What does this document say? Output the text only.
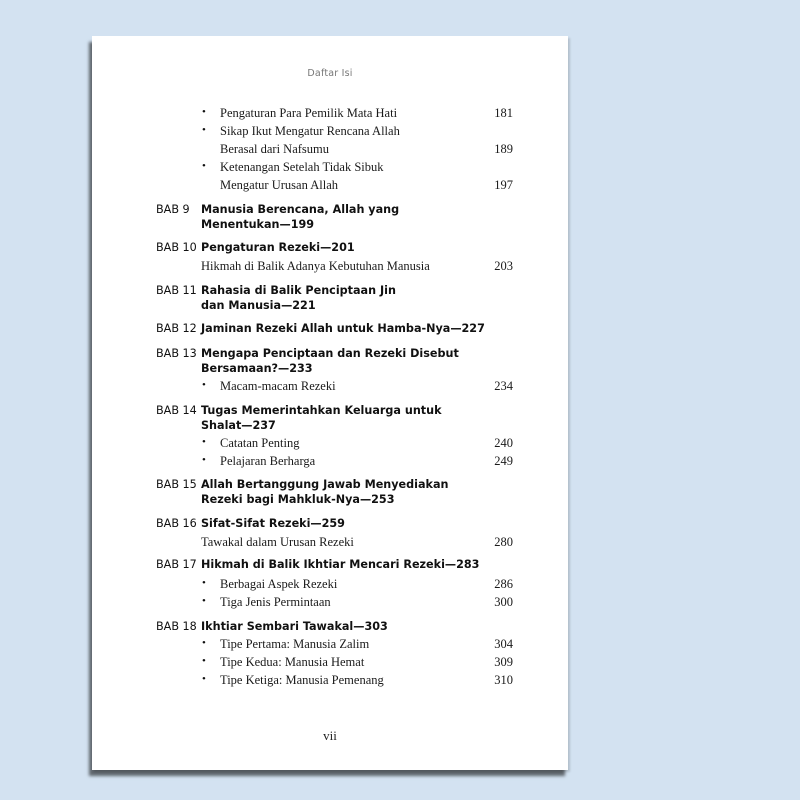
Daftar Isi
• Pengaturan Para Pemilik Mata Hati	181
• Sikap Ikut Mengatur Rencana Allah
Berasal dari Nafsumu	189
• Ketenangan Setelah Tidak Sibuk
Mengatur Urusan Allah	197
BAB 9 Manusia Berencana, Allah yang
Menentukan—199
BAB 10 Pengaturan Rezeki—201
Hikmah di Balik Adanya Kebutuhan Manusia	203
BAB 11 Rahasia di Balik Penciptaan Jin
dan Manusia—221
BAB 12 Jaminan Rezeki Allah untuk Hamba-Nya—227
BAB 13 Mengapa Penciptaan dan Rezeki Disebut
Bersamaan?—233
• Macam-macam Rezeki	234
BAB 14 Tugas Memerintahkan Keluarga untuk
Shalat—237
• Catatan Penting	240
• Pelajaran Berharga	249
BAB 15 Allah Bertanggung Jawab Menyediakan
Rezeki bagi Mahkluk-Nya—253
BAB 16 Sifat-Sifat Rezeki—259
Tawakal dalam Urusan Rezeki	280
BAB 17 Hikmah di Balik Ikhtiar Mencari Rezeki—283
• Berbagai Aspek Rezeki	286
• Tiga Jenis Permintaan	300
BAB 18 Ikhtiar Sembari Tawakal—303
• Tipe Pertama: Manusia Zalim	304
• Tipe Kedua: Manusia Hemat	309
• Tipe Ketiga: Manusia Pemenang	310
vii
